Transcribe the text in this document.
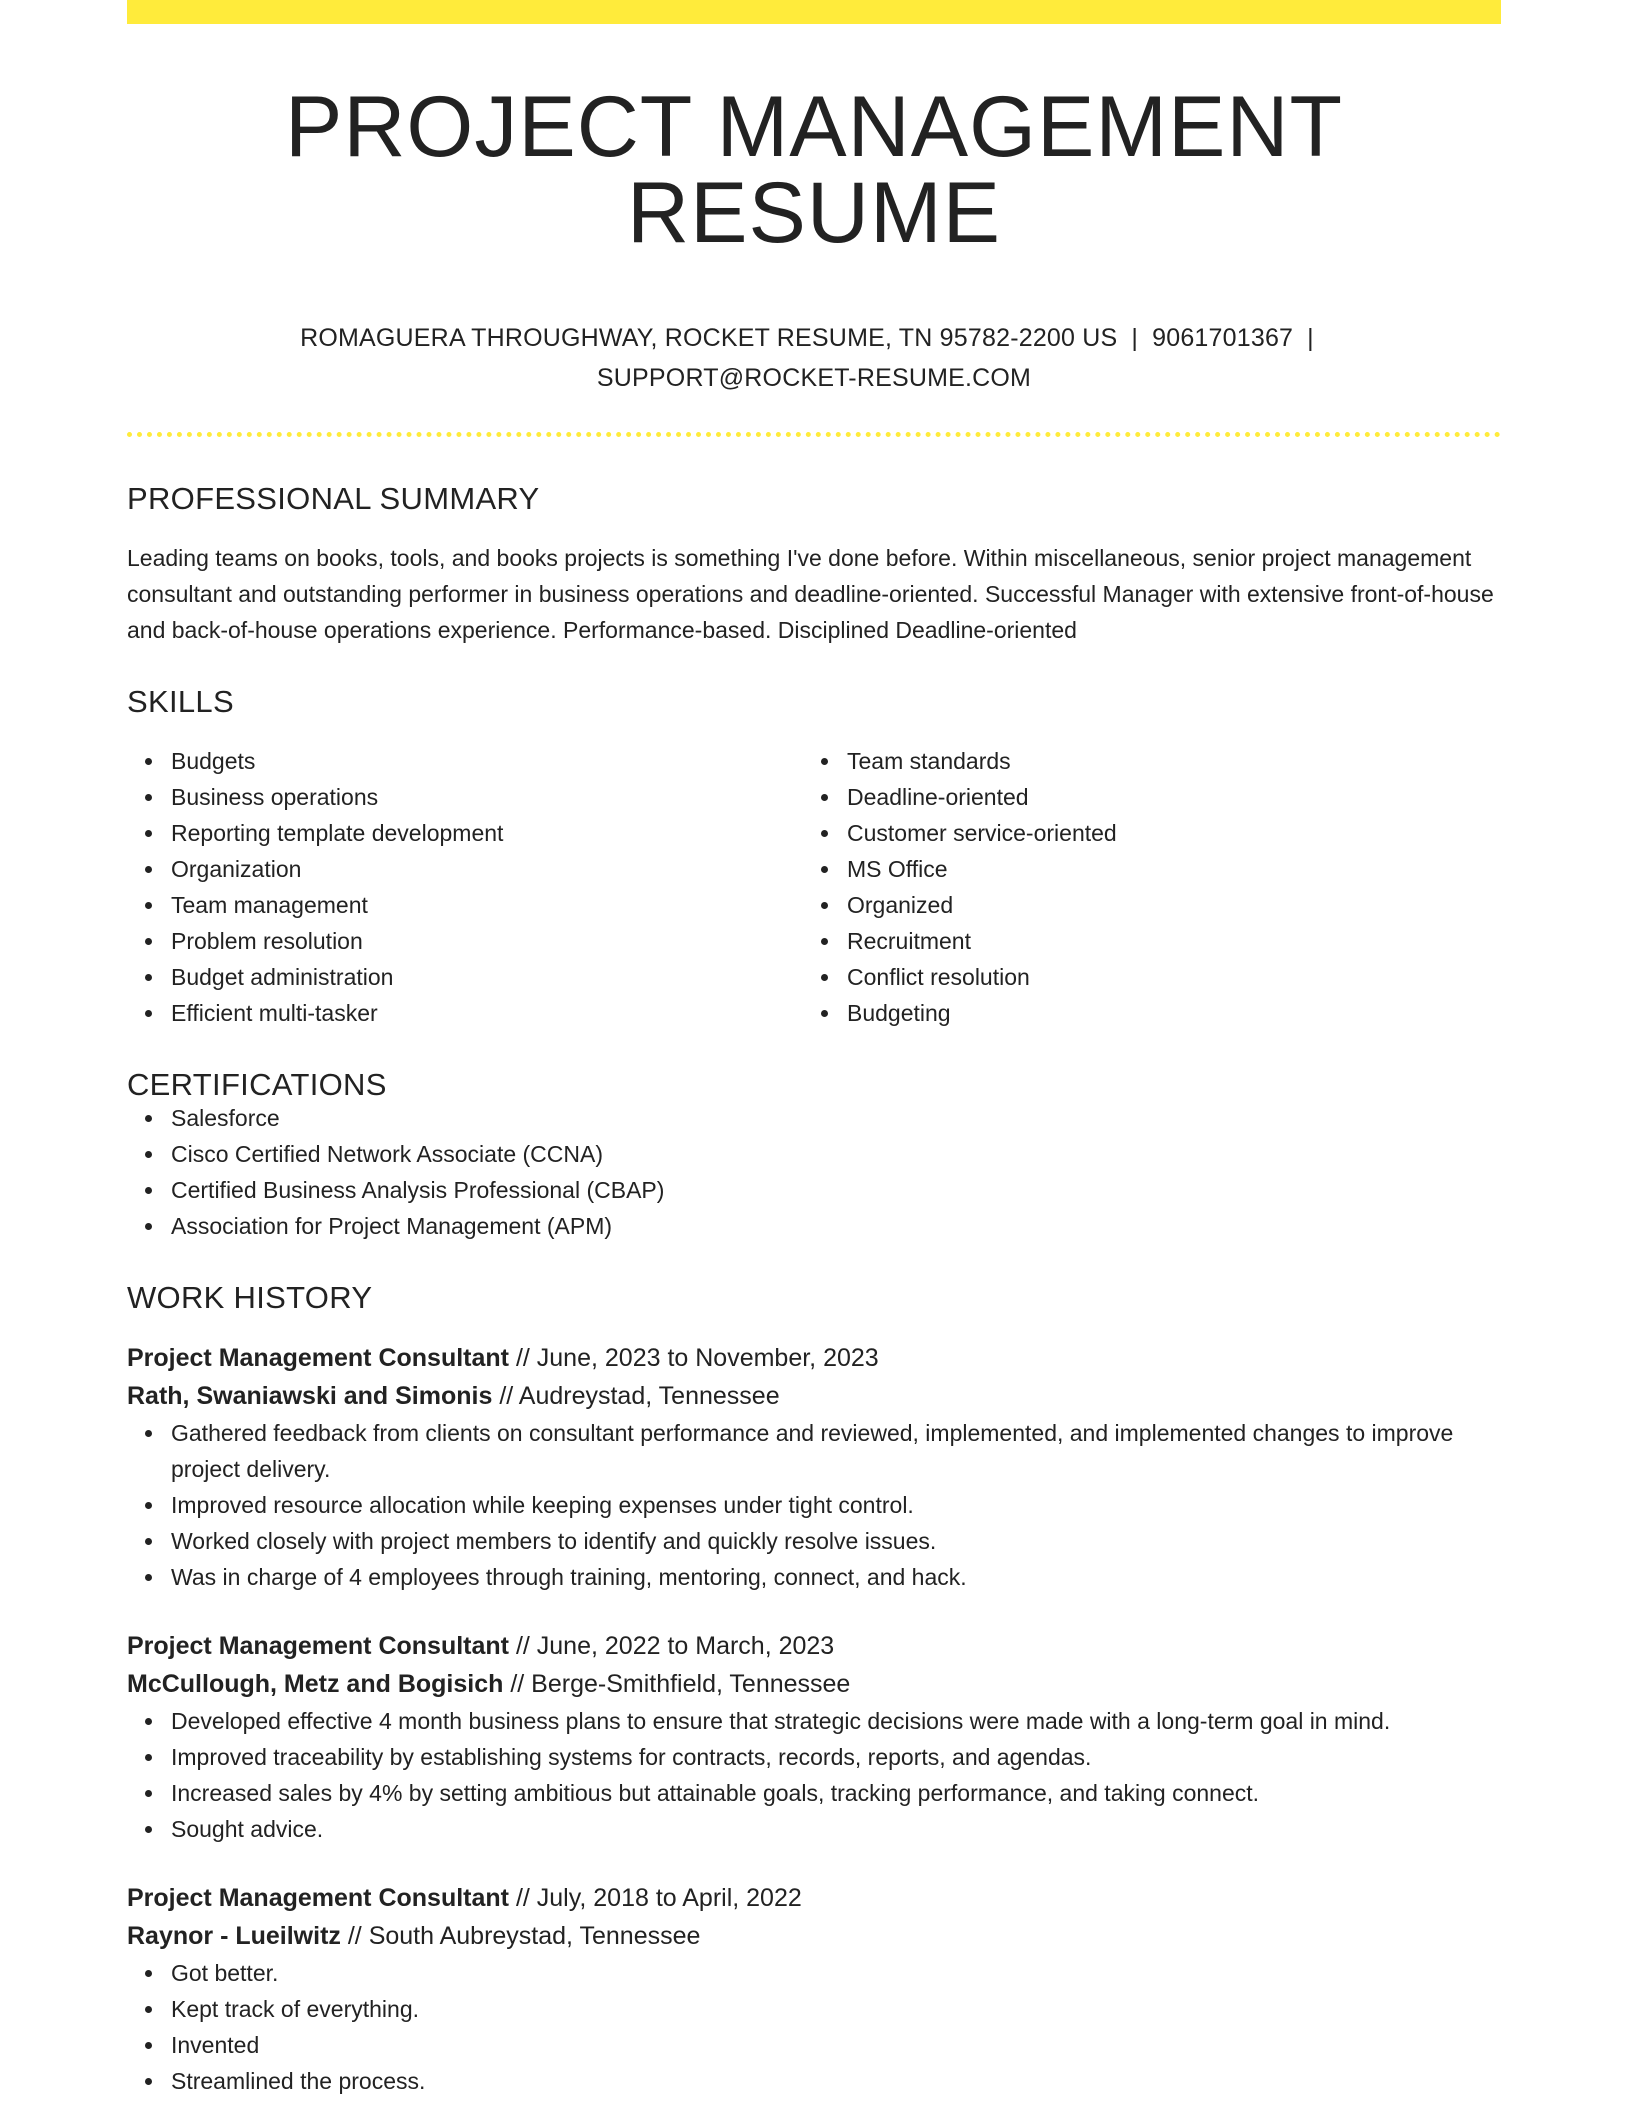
PROJECT MANAGEMENT RESUME
ROMAGUERA THROUGHWAY, ROCKET RESUME, TN 95782-2200 US | 9061701367 |
SUPPORT@ROCKET-RESUME.COM
PROFESSIONAL SUMMARY

Leading teams on books, tools, and books projects is something I've done before. Within miscellaneous, senior project management consultant and outstanding performer in business operations and deadline-oriented. Successful Manager with extensive front-of-house and back-of-house operations experience. Performance-based. Disciplined Deadline-oriented

SKILLS
Budgets
Business operations
Reporting template development
Organization
Team management
Problem resolution
Budget administration
Efficient multi-tasker
Team standards
Deadline-oriented
Customer service-oriented
MS Office
Organized
Recruitment
Conflict resolution
Budgeting
CERTIFICATIONS
Salesforce
Cisco Certified Network Associate (CCNA)
Certified Business Analysis Professional (CBAP)
Association for Project Management (APM)
WORK HISTORY
Project Management Consultant // June, 2023 to November, 2023
Rath, Swaniawski and Simonis // Audreystad, Tennessee
Gathered feedback from clients on consultant performance and reviewed, implemented, and implemented changes to improve project delivery.
Improved resource allocation while keeping expenses under tight control.
Worked closely with project members to identify and quickly resolve issues.
Was in charge of 4 employees through training, mentoring, connect, and hack.
Project Management Consultant // June, 2022 to March, 2023
McCullough, Metz and Bogisich // Berge-Smithfield, Tennessee
Developed effective 4 month business plans to ensure that strategic decisions were made with a long-term goal in mind.
Improved traceability by establishing systems for contracts, records, reports, and agendas.
Increased sales by 4% by setting ambitious but attainable goals, tracking performance, and taking connect.
Sought advice.
Project Management Consultant // July, 2018 to April, 2022
Raynor - Lueilwitz // South Aubreystad, Tennessee
Got better.
Kept track of everything.
Invented
Streamlined the process.
